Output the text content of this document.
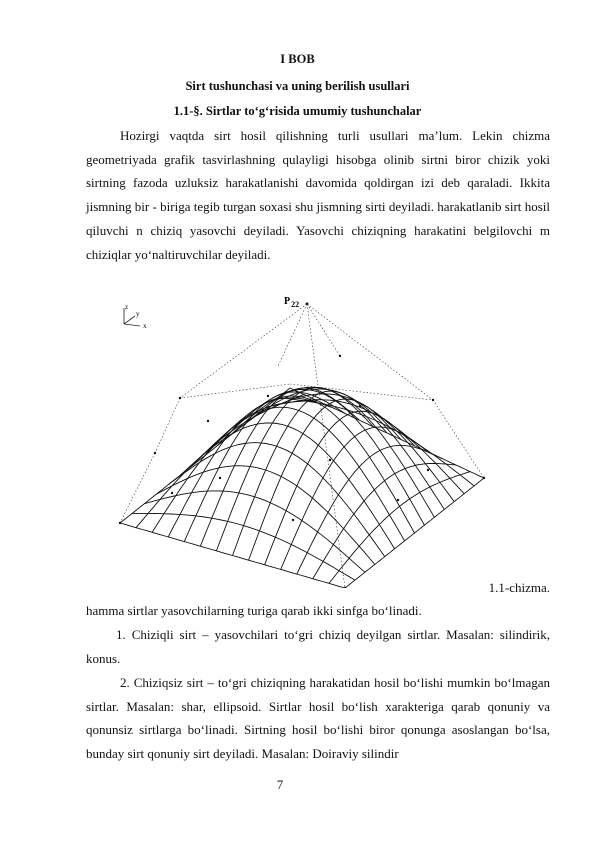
I BOB
Sirt tushunchasi va uning berilish usullari
1.1-§. Sirtlar to‘g‘risida umumiy tushunchalar
Hozirgi vaqtda sirt hosil qilishning turli usullari ma’lum. Lekin chizma geometriyada grafik tasvirlashning qulayligi hisobga olinib sirtni biror chizik yoki sirtning fazoda uzluksiz harakatlanishi davomida qoldirgan izi deb qaraladi. Ikkita jismning bir - biriga tegib turgan soxasi shu jismning sirti deyiladi. harakatlanib sirt hosil qiluvchi n chiziq yasovchi deyiladi. Yasovchi chiziqning harakatini belgilovchi m chiziqlar yo‘naltiruvchilar deyiladi.
z
y
x
$P_{22}$
1.1-chizma.
hamma sirtlar yasovchilarning turiga qarab ikki sinfga bo‘linadi.
1. Chiziqli sirt – yasovchilari to‘gri chiziq deyilgan sirtlar. Masalan: silindirik, konus.
2. Chiziqsiz sirt – to‘gri chiziqning harakatidan hosil bo‘lishi mumkin bo‘lmagan sirtlar. Masalan: shar, ellipsoid. Sirtlar hosil bo‘lish xarakteriga qarab qonuniy va qonunsiz sirtlarga bo‘linadi. Sirtning hosil bo‘lishi biror qonunga asoslangan bo‘lsa, bunday sirt qonuniy sirt deyiladi. Masalan: Doiraviy silindir
7
